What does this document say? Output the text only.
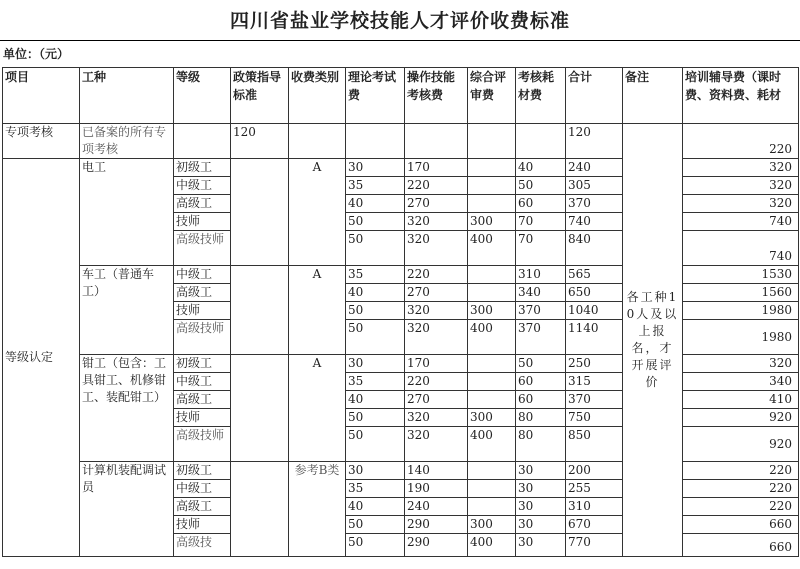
四川省盐业学校技能人才评价收费标准
单位：（元）
项目	工种	等级	政策指导标准	收费类别	理论考试费	操作技能考核费	综合评审费	考核耗材费	合计	备注	培训辅导费（课时费、资料费、耗材
专项考核	已备案的所有专项考核		120						120	各工种10人及以上报名，才开展评价	220
等级认定	电工	初级工		A	30	170		40	240		320
		中级工			35	220		50	305		320
		高级工			40	270		60	370		320
		技师			50	320	300	70	740		740
		高级技师			50	320	400	70	840		740
	车工（普通车工）	中级工		A	35	220		310	565		1530
		高级工			40	270		340	650		1560
		技师			50	320	300	370	1040		1980
		高级技师			50	320	400	370	1140		1980
	钳工（包含：工具钳工、机修钳工、装配钳工）	初级工		A	30	170		50	250		320
		中级工			35	220		60	315		340
		高级工			40	270		60	370		410
		技师			50	320	300	80	750		920
		高级技师			50	320	400	80	850		920
	计算机装配调试员	初级工		参考B类	30	140		30	200		220
		中级工			35	190		30	255		220
		高级工			40	240		30	310		220
		技师			50	290	300	30	670		660
		高级技			50	290	400	30	770		660
